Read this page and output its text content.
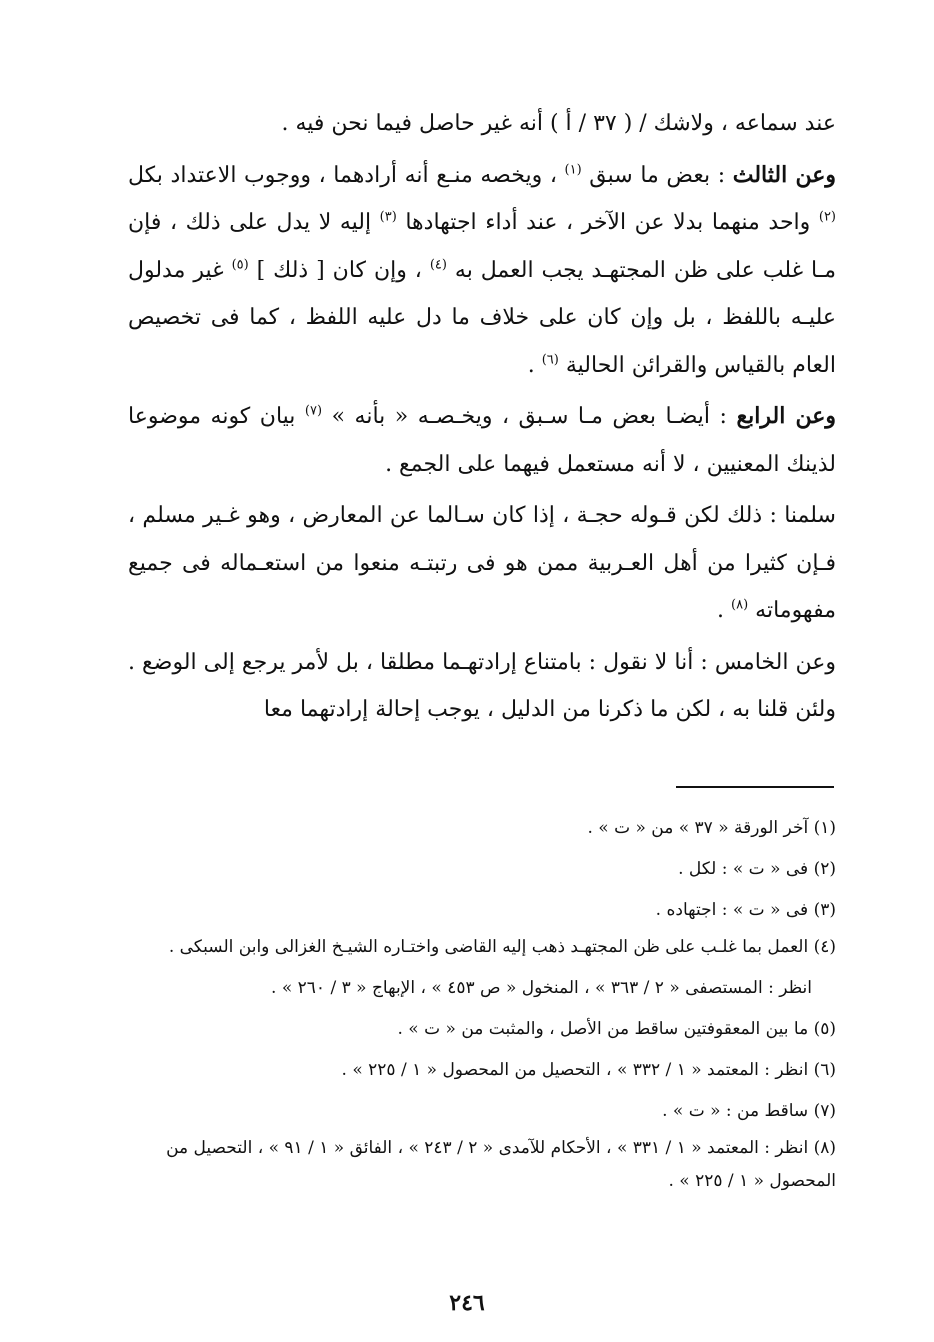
عند سماعه ، ولاشك / ( ٣٧ / أ ) أنه غير حاصل فيما نحن فيه .

وعن الثالث : بعض ما سبق $^{(١)}$ ، ويخصه منـع أنه أرادهما ، ووجوب الاعتداد بكل $^{(٢)}$ واحد منهما بدلا عن الآخر ، عند أداء اجتهادها $^{(٣)}$ إليه لا يدل على ذلك ، فإن مـا غلب على ظن المجتهـد يجب العمل به $^{(٤)}$ ، وإن كان [ ذلك ] $^{(٥)}$ غير مدلول عليـه باللفظ ، بل وإن كان على خلاف ما دل عليه اللفظ ، كما فى تخصيص العام بالقياس والقرائن الحالية $^{(٦)}$ .

وعن الرابع : أيضـا بعض مـا سـبق ، ويخـصـه « بأنه » $^{(٧)}$ بيان كونه موضوعا لذينك المعنيين ، لا أنه مستعمل فيهما على الجمع .

سلمنا : ذلك لكن قـوله حجـة ، إذا كان سـالما عن المعارض ، وهو غـير مسلم ، فـإن كثيرا من أهل العـربية ممن هو فى رتبتـه منعوا من استعـماله فى جميع مفهوماته $^{(٨)}$ .

وعن الخامس : أنا لا نقول : بامتناع إرادتهـما مطلقا ، بل لأمر يرجع إلى الوضع . ولئن قلنا به ، لكن ما ذكرنا من الدليل ، يوجب إحالة إرادتهما معا

(١) آخر الورقة « ٣٧ » من « ت » .

(٢) فى « ت » : لكل .

(٣) فى « ت » : اجتهاده .

(٤) العمل بما غلـب على ظن المجتهـد ذهب إليه القاضى واختـاره الشيـخ الغزالى وابن السبكى .

انظر : المستصفى « ٢ / ٣٦٣ » ، المنخول « ص ٤٥٣ » ، الإبهاج « ٣ / ٢٦٠ » .

(٥) ما بين المعقوفتين ساقط من الأصل ، والمثبت من « ت » .

(٦) انظر : المعتمد « ١ / ٣٣٢ » ، التحصيل من المحصول « ١ / ٢٢٥ » .

(٧) ساقط من : « ت » .

(٨) انظر : المعتمد « ١ / ٣٣١ » ، الأحكام للآمدى « ٢ / ٢٤٣ » ، الفائق « ١ / ٩١ » ، التحصيل من المحصول « ١ / ٢٢٥ » .

٢٤٦
